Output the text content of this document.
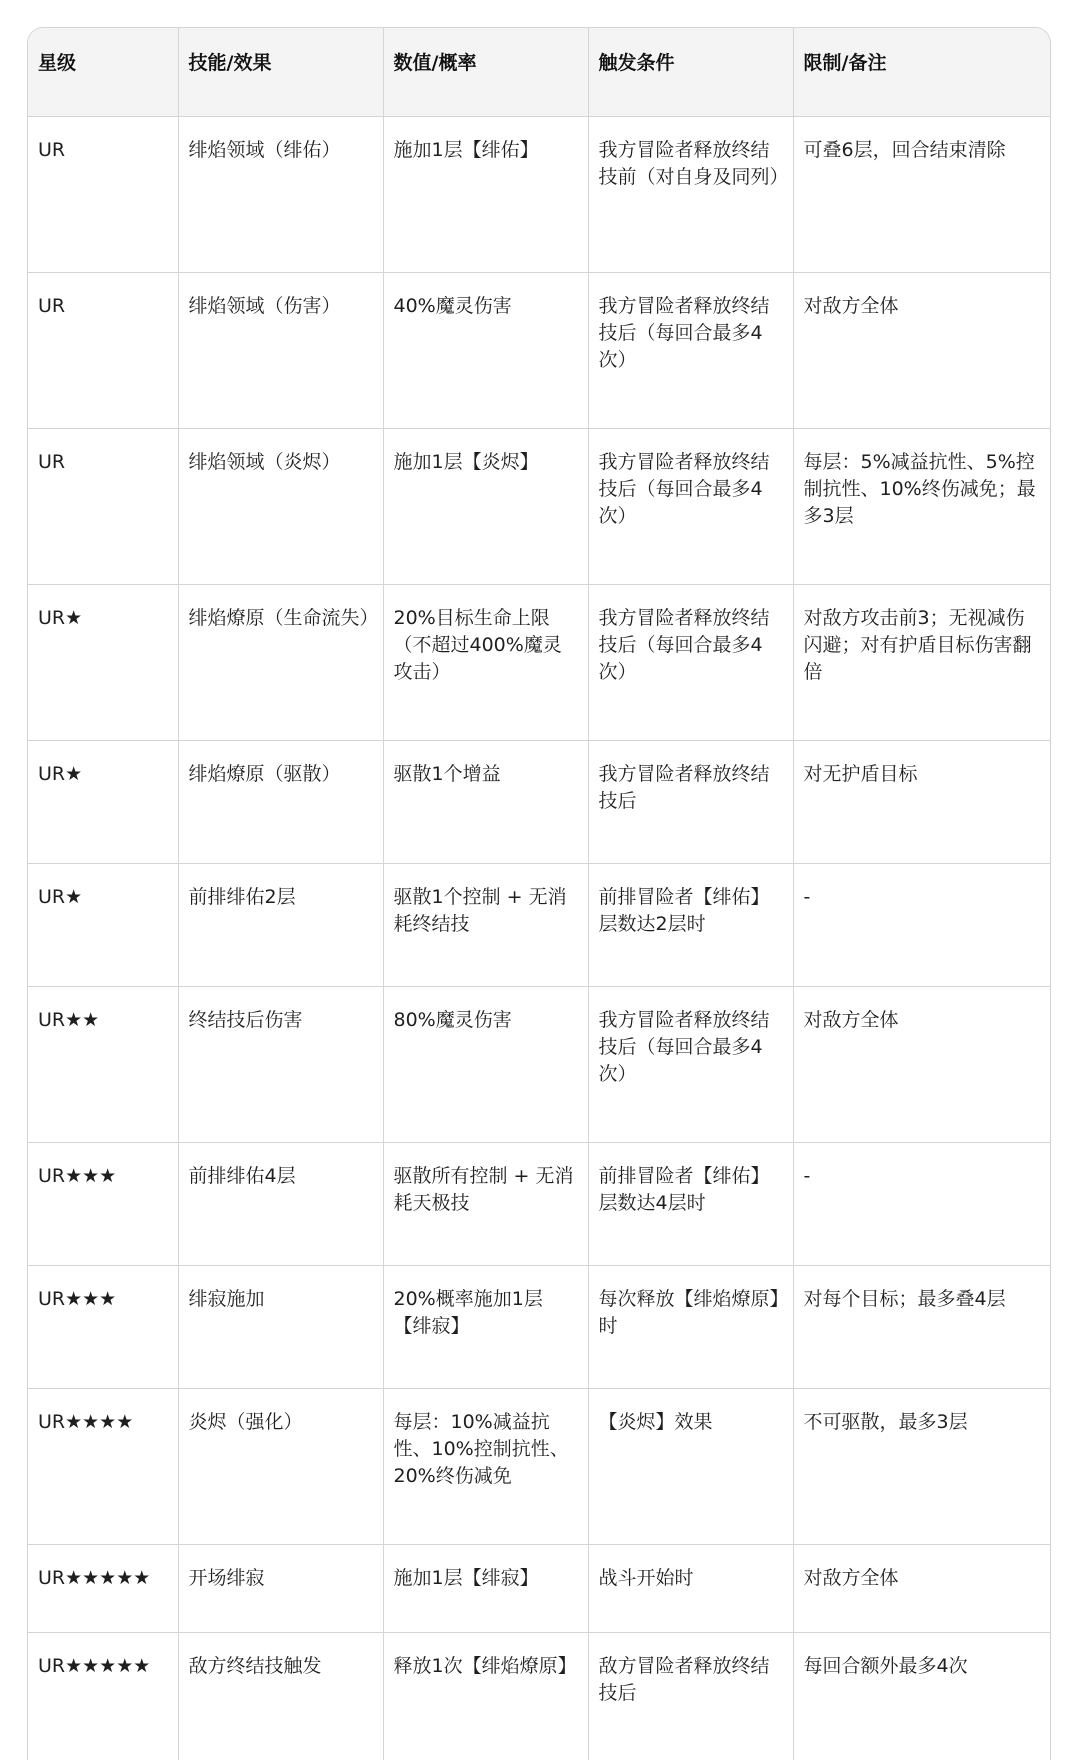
星级	技能/效果	数值/概率	触发条件	限制/备注
UR	绯焰领域（绯佑）	施加1层【绯佑】	我方冒险者释放终结技前（对自身及同列）	可叠6层，回合结束清除
UR	绯焰领域（伤害）	40%魔灵伤害	我方冒险者释放终结技后（每回合最多4次）	对敌方全体
UR	绯焰领域（炎烬）	施加1层【炎烬】	我方冒险者释放终结技后（每回合最多4次）	每层：5%减益抗性、5%控制抗性、10%终伤减免；最多3层
UR★	绯焰燎原（生命流失）	20%目标生命上限（不超过400%魔灵攻击）	我方冒险者释放终结技后（每回合最多4次）	对敌方攻击前3；无视减伤闪避；对有护盾目标伤害翻倍
UR★	绯焰燎原（驱散）	驱散1个增益	我方冒险者释放终结技后	对无护盾目标
UR★	前排绯佑2层	驱散1个控制 + 无消耗终结技	前排冒险者【绯佑】层数达2层时	-
UR★★	终结技后伤害	80%魔灵伤害	我方冒险者释放终结技后（每回合最多4次）	对敌方全体
UR★★★	前排绯佑4层	驱散所有控制 + 无消耗天极技	前排冒险者【绯佑】层数达4层时	-
UR★★★	绯寂施加	20%概率施加1层【绯寂】	每次释放【绯焰燎原】时	对每个目标；最多叠4层
UR★★★★	炎烬（强化）	每层：10%减益抗性、10%控制抗性、20%终伤减免	【炎烬】效果	不可驱散，最多3层
UR★★★★★	开场绯寂	施加1层【绯寂】	战斗开始时	对敌方全体
UR★★★★★	敌方终结技触发	释放1次【绯焰燎原】	敌方冒险者释放终结技后	每回合额外最多4次
